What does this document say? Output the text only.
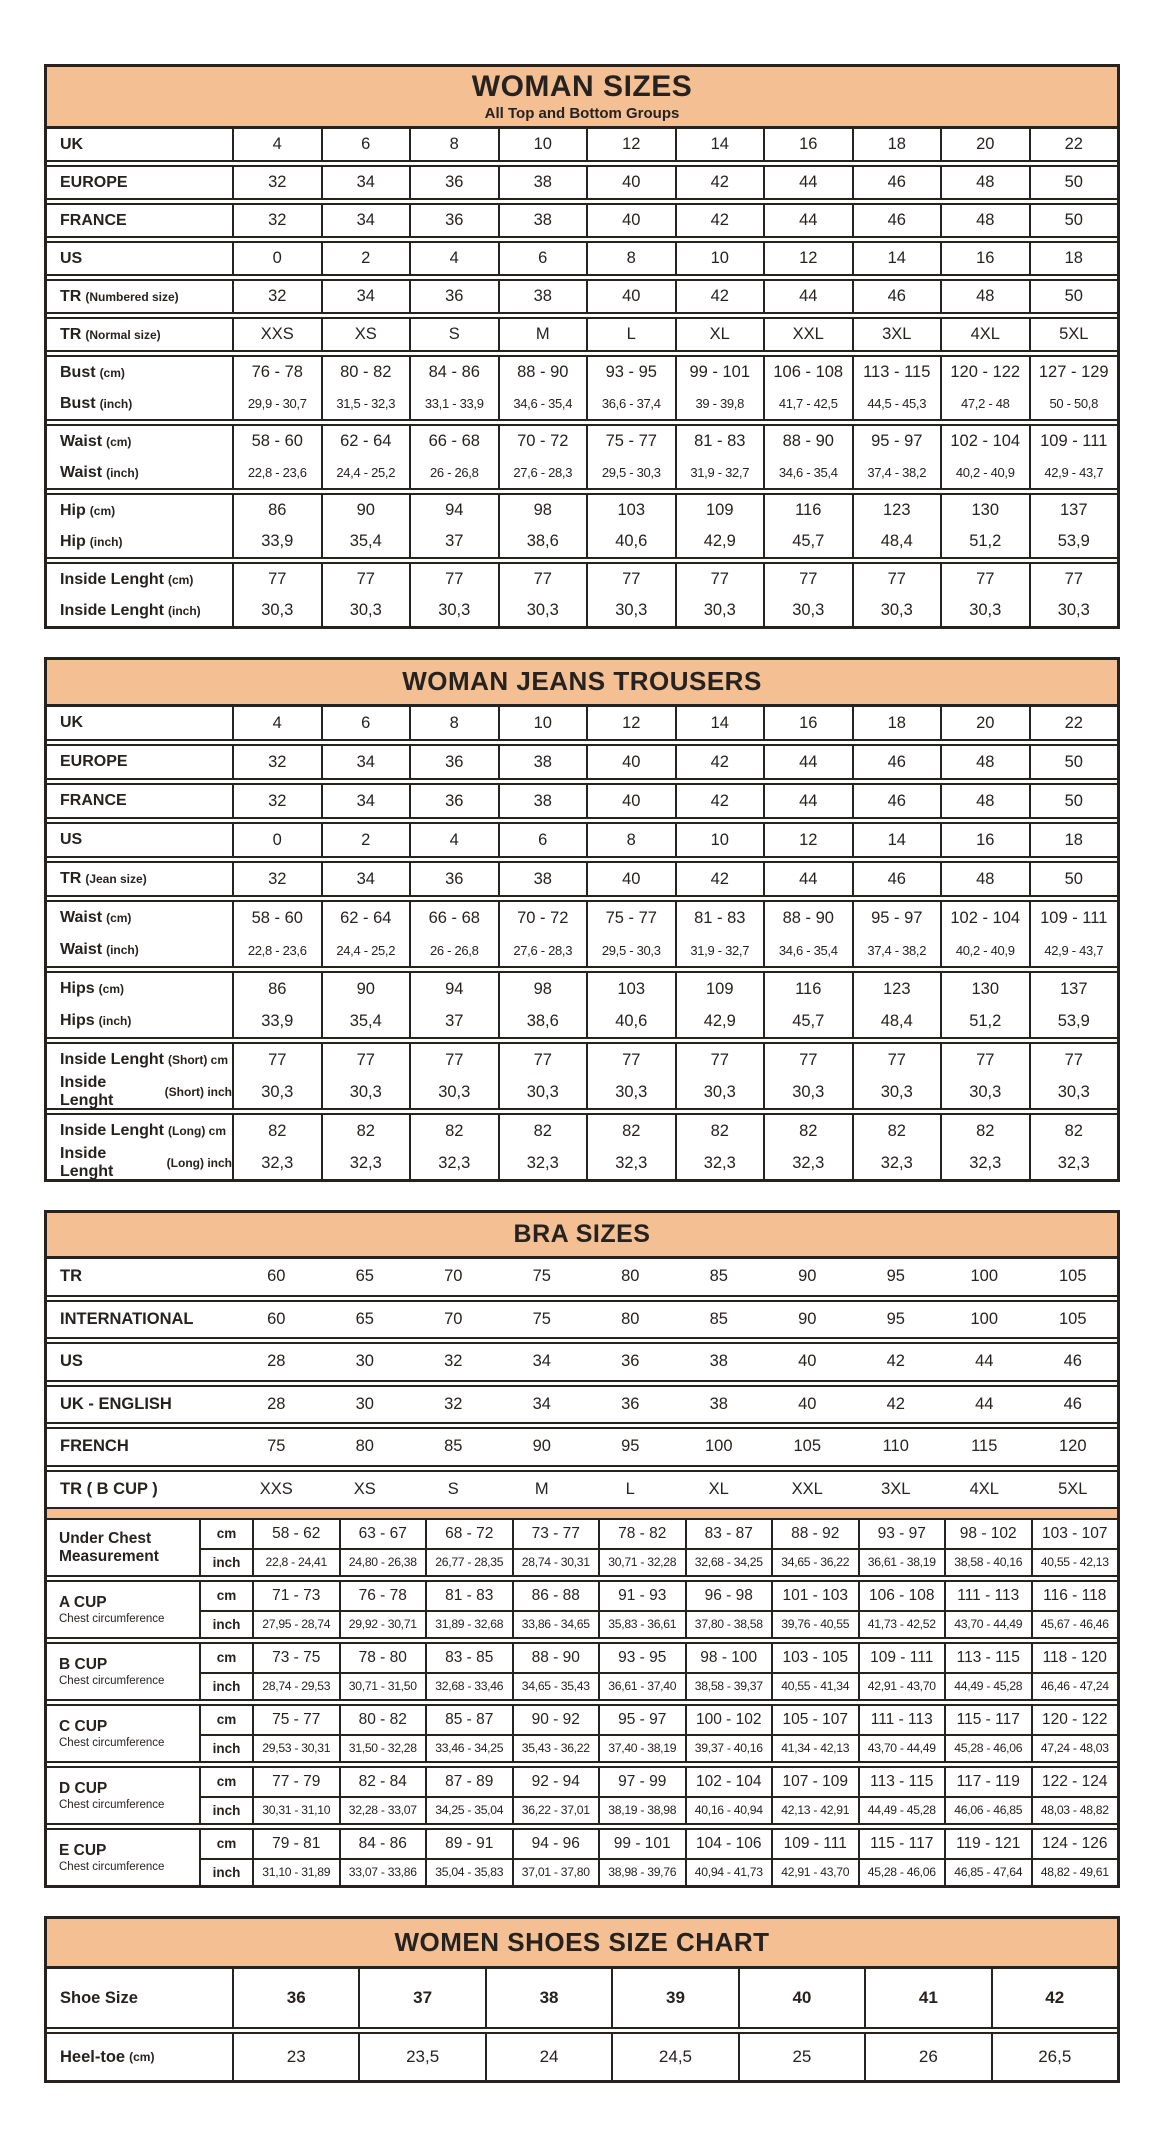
WOMAN SIZES
All Top and Bottom Groups
UK	4	6	8	10	12	14	16	18	20	22
EUROPE	32	34	36	38	40	42	44	46	48	50
FRANCE	32	34	36	38	40	42	44	46	48	50
US	0	2	4	6	8	10	12	14	16	18
TR (Numbered size)	32	34	36	38	40	42	44	46	48	50
TR (Normal size)	XXS	XS	S	M	L	XL	XXL	3XL	4XL	5XL
Bust (cm)	76 - 78	80 - 82	84 - 86	88 - 90	93 - 95	99 - 101	106 - 108	113 - 115	120 - 122	127 - 129
Bust (inch)	29,9 - 30,7	31,5 - 32,3	33,1 - 33,9	34,6 - 35,4	36,6 - 37,4	39 - 39,8	41,7 - 42,5	44,5 - 45,3	47,2 - 48	50 - 50,8
Waist (cm)	58 - 60	62 - 64	66 - 68	70 - 72	75 - 77	81 - 83	88 - 90	95 - 97	102 - 104	109 - 111
Waist (inch)	22,8 - 23,6	24,4 - 25,2	26 - 26,8	27,6 - 28,3	29,5 - 30,3	31,9 - 32,7	34,6 - 35,4	37,4 - 38,2	40,2 - 40,9	42,9 - 43,7
Hip (cm)	86	90	94	98	103	109	116	123	130	137
Hip (inch)	33,9	35,4	37	38,6	40,6	42,9	45,7	48,4	51,2	53,9
Inside Lenght (cm)	77	77	77	77	77	77	77	77	77	77
Inside Lenght (inch)	30,3	30,3	30,3	30,3	30,3	30,3	30,3	30,3	30,3	30,3
WOMAN JEANS TROUSERS
UK	4	6	8	10	12	14	16	18	20	22
EUROPE	32	34	36	38	40	42	44	46	48	50
FRANCE	32	34	36	38	40	42	44	46	48	50
US	0	2	4	6	8	10	12	14	16	18
TR (Jean size)	32	34	36	38	40	42	44	46	48	50
Waist (cm)	58 - 60	62 - 64	66 - 68	70 - 72	75 - 77	81 - 83	88 - 90	95 - 97	102 - 104	109 - 111
Waist (inch)	22,8 - 23,6	24,4 - 25,2	26 - 26,8	27,6 - 28,3	29,5 - 30,3	31,9 - 32,7	34,6 - 35,4	37,4 - 38,2	40,2 - 40,9	42,9 - 43,7
Hips (cm)	86	90	94	98	103	109	116	123	130	137
Hips (inch)	33,9	35,4	37	38,6	40,6	42,9	45,7	48,4	51,2	53,9
Inside Lenght (Short) cm	77	77	77	77	77	77	77	77	77	77
Inside Lenght	(Short) inch	30,3	30,3	30,3	30,3	30,3	30,3	30,3	30,3	30,3	30,3
Inside Lenght (Long) cm	82	82	82	82	82	82	82	82	82	82
Inside Lenght	(Long) inch	32,3	32,3	32,3	32,3	32,3	32,3	32,3	32,3	32,3	32,3
BRA SIZES
TR	60	65	70	75	80	85	90	95	100	105
INTERNATIONAL	60	65	70	75	80	85	90	95	100	105
US	28	30	32	34	36	38	40	42	44	46
UK - ENGLISH	28	30	32	34	36	38	40	42	44	46
FRENCH	75	80	85	90	95	100	105	110	115	120
TR ( B CUP )	XXS	XS	S	M	L	XL	XXL	3XL	4XL	5XL
Under Chest Measurement
cm	58 - 62	63 - 67	68 - 72	73 - 77	78 - 82	83 - 87	88 - 92	93 - 97	98 - 102	103 - 107
inch	22,8 - 24,41	24,80 - 26,38	26,77 - 28,35	28,74 - 30,31	30,71 - 32,28	32,68 - 34,25	34,65 - 36,22	36,61 - 38,19	38,58 - 40,16	40,55 - 42,13
A CUP
Chest circumference
cm	71 - 73	76 - 78	81 - 83	86 - 88	91 - 93	96 - 98	101 - 103	106 - 108	111 - 113	116 - 118
inch	27,95 - 28,74	29,92 - 30,71	31,89 - 32,68	33,86 - 34,65	35,83 - 36,61	37,80 - 38,58	39,76 - 40,55	41,73 - 42,52	43,70 - 44,49	45,67 - 46,46
B CUP
Chest circumference
cm	73 - 75	78 - 80	83 - 85	88 - 90	93 - 95	98 - 100	103 - 105	109 - 111	113 - 115	118 - 120
inch	28,74 - 29,53	30,71 - 31,50	32,68 - 33,46	34,65 - 35,43	36,61 - 37,40	38,58 - 39,37	40,55 - 41,34	42,91 - 43,70	44,49 - 45,28	46,46 - 47,24
C CUP
Chest circumference
cm	75 - 77	80 - 82	85 - 87	90 - 92	95 - 97	100 - 102	105 - 107	111 - 113	115 - 117	120 - 122
inch	29,53 - 30,31	31,50 - 32,28	33,46 - 34,25	35,43 - 36,22	37,40 - 38,19	39,37 - 40,16	41,34 - 42,13	43,70 - 44,49	45,28 - 46,06	47,24 - 48,03
D CUP
Chest circumference
cm	77 - 79	82 - 84	87 - 89	92 - 94	97 - 99	102 - 104	107 - 109	113 - 115	117 - 119	122 - 124
inch	30,31 - 31,10	32,28 - 33,07	34,25 - 35,04	36,22 - 37,01	38,19 - 38,98	40,16 - 40,94	42,13 - 42,91	44,49 - 45,28	46,06 - 46,85	48,03 - 48,82
E CUP
Chest circumference
cm	79 - 81	84 - 86	89 - 91	94 - 96	99 - 101	104 - 106	109 - 111	115 - 117	119 - 121	124 - 126
inch	31,10 - 31,89	33,07 - 33,86	35,04 - 35,83	37,01 - 37,80	38,98 - 39,76	40,94 - 41,73	42,91 - 43,70	45,28 - 46,06	46,85 - 47,64	48,82 - 49,61
WOMEN SHOES SIZE CHART
Shoe Size	36	37	38	39	40	41	42
Heel-toe (cm)	23	23,5	24	24,5	25	26	26,5
